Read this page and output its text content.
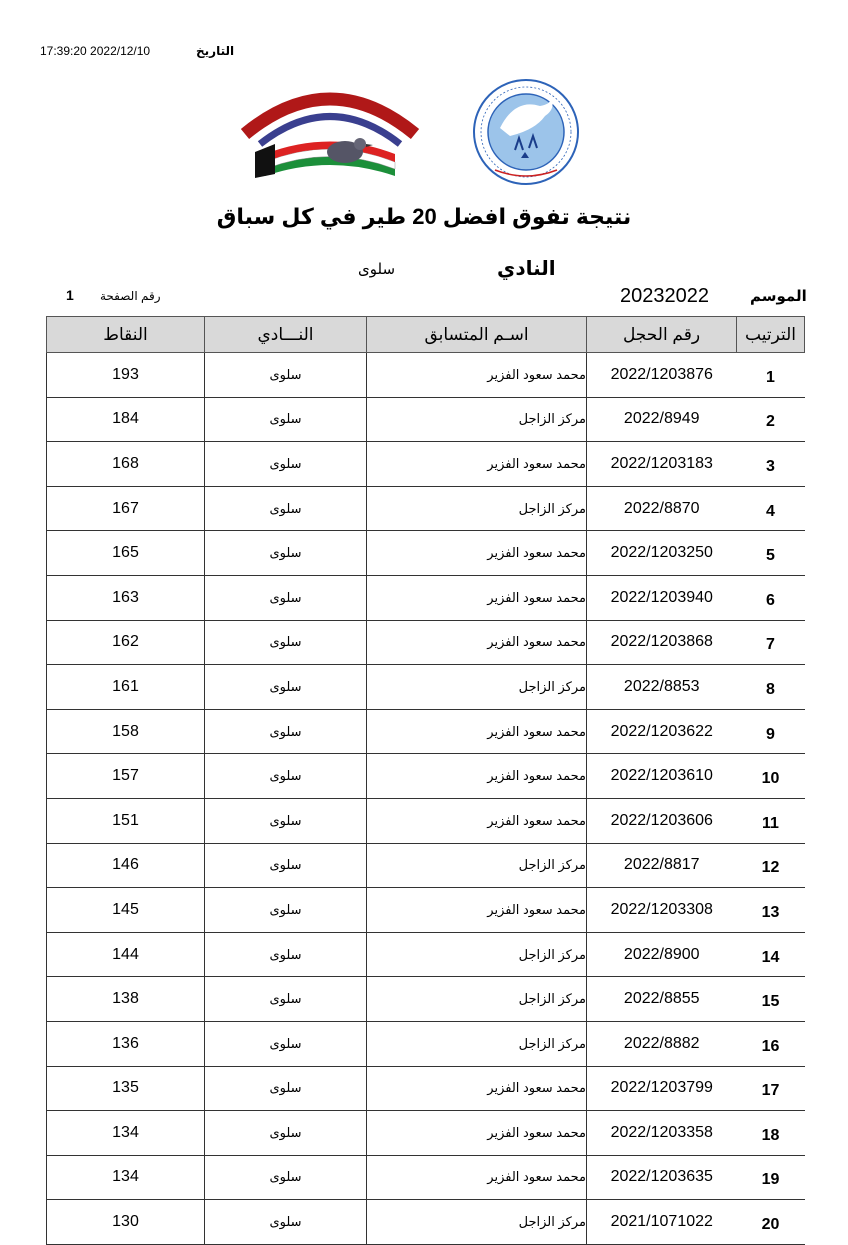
17:39:20 2022/12/10	التاريخ
نتيجة تفوق افضل 20 طير في كل سباق
النادي
سلوى
الموسم
20232022
رقم الصفحة
1
الترتيب	رقم الحجل	اسـم المتسابق	النـــادي	النقاط
1	2022/1203876	محمد سعود الفزير	سلوى	193
2	2022/8949	مركز الزاجل	سلوى	184
3	2022/1203183	محمد سعود الفزير	سلوى	168
4	2022/8870	مركز الزاجل	سلوى	167
5	2022/1203250	محمد سعود الفزير	سلوى	165
6	2022/1203940	محمد سعود الفزير	سلوى	163
7	2022/1203868	محمد سعود الفزير	سلوى	162
8	2022/8853	مركز الزاجل	سلوى	161
9	2022/1203622	محمد سعود الفزير	سلوى	158
10	2022/1203610	محمد سعود الفزير	سلوى	157
11	2022/1203606	محمد سعود الفزير	سلوى	151
12	2022/8817	مركز الزاجل	سلوى	146
13	2022/1203308	محمد سعود الفزير	سلوى	145
14	2022/8900	مركز الزاجل	سلوى	144
15	2022/8855	مركز الزاجل	سلوى	138
16	2022/8882	مركز الزاجل	سلوى	136
17	2022/1203799	محمد سعود الفزير	سلوى	135
18	2022/1203358	محمد سعود الفزير	سلوى	134
19	2022/1203635	محمد سعود الفزير	سلوى	134
20	2021/1071022	مركز الزاجل	سلوى	130
